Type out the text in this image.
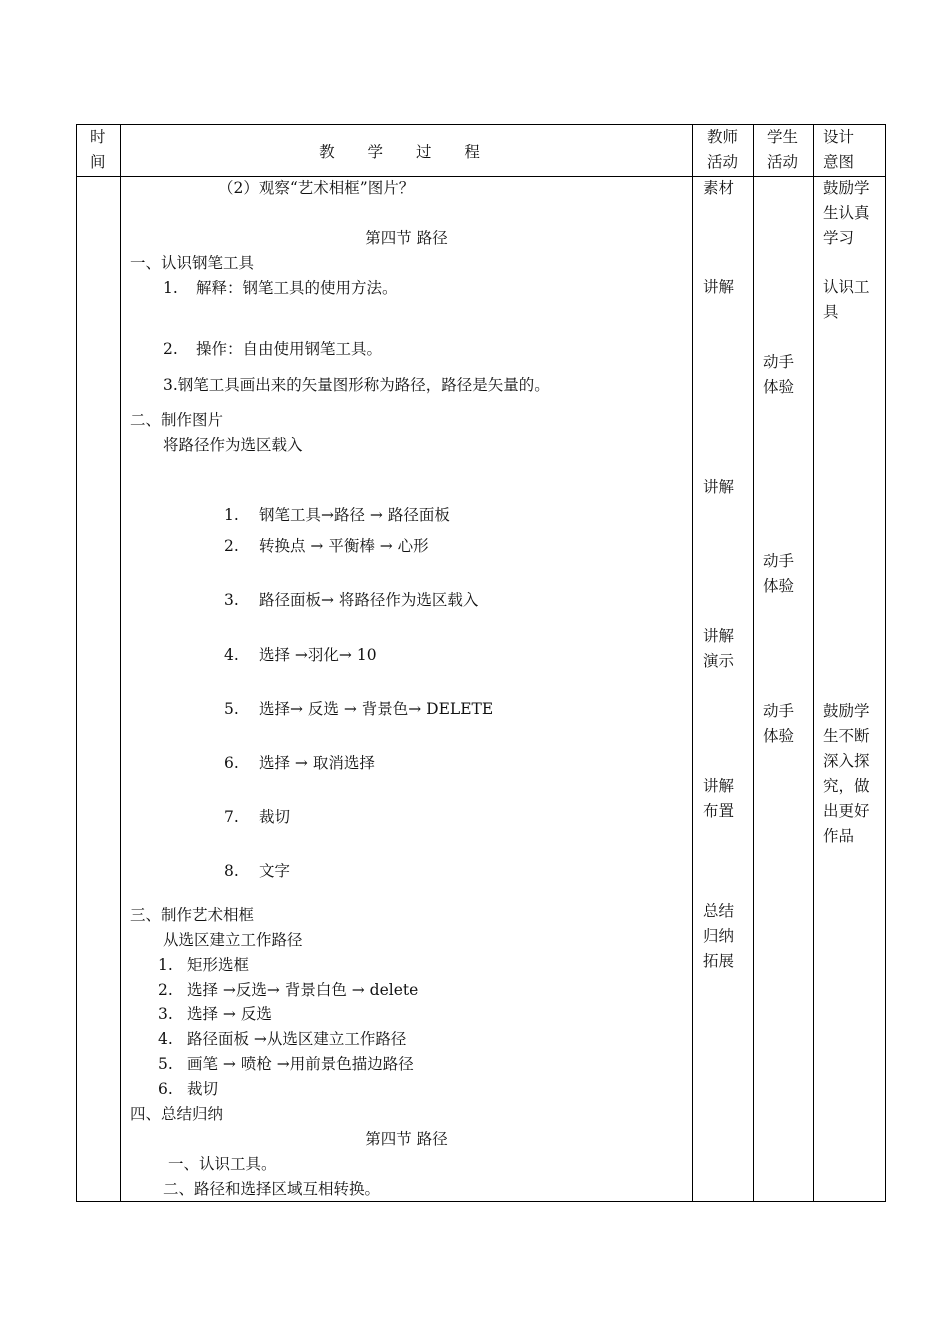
时
间
教 学 过 程
教师
活动
学生
活动
设计
意图
（2）观察“艺术相框”图片？
第四节 路径
一、认识钢笔工具
1. 解释：钢笔工具的使用方法。
2. 操作：自由使用钢笔工具。
3.钢笔工具画出来的矢量图形称为路径，路径是矢量的。
二、制作图片
将路径作为选区载入
1. 钢笔工具→路径 → 路径面板
2. 转换点 → 平衡棒 → 心形
3. 路径面板→ 将路径作为选区载入
4. 选择 →羽化→ 10
5. 选择→ 反选 → 背景色→ DELETE
6. 选择 → 取消选择
7. 裁切
8. 文字
三、制作艺术相框
从选区建立工作路径
1. 矩形选框
2. 选择 →反选→ 背景白色 → delete
3. 选择 → 反选
4. 路径面板 →从选区建立工作路径
5. 画笔 → 喷枪 →用前景色描边路径
6. 裁切
四、总结归纳
第四节 路径
一、认识工具。
二、路径和选择区域互相转换。
素材
讲解
讲解
讲解
演示
讲解
布置
总结
归纳
拓展
动手
体验
动手
体验
动手
体验
鼓励学
生认真
学习
认识工
具
鼓励学
生不断
深入探
究，做
出更好
作品
